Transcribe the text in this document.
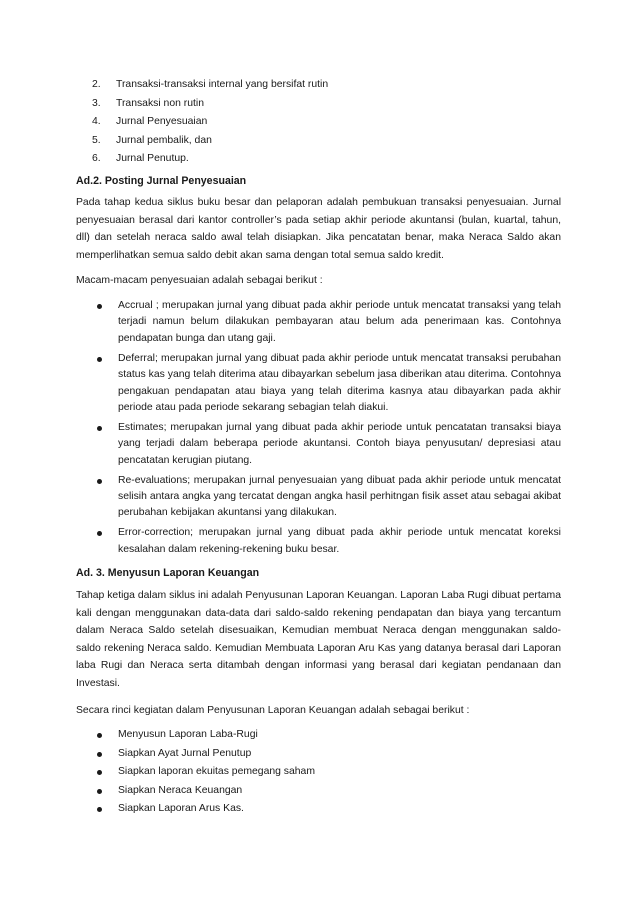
2. Transaksi-transaksi internal yang bersifat rutin
3. Transaksi non rutin
4. Jurnal Penyesuaian
5. Jurnal pembalik, dan
6. Jurnal Penutup.
Ad.2. Posting Jurnal Penyesuaian

Pada tahap kedua siklus buku besar dan pelaporan adalah pembukuan transaksi penyesuaian. Jurnal penyesuaian berasal dari kantor controller’s pada setiap akhir periode akuntansi (bulan, kuartal, tahun, dll) dan setelah neraca saldo awal telah disiapkan. Jika pencatatan benar, maka Neraca Saldo akan memperlihatkan semua saldo debit akan sama dengan total semua saldo kredit.

Macam-macam penyesuaian adalah sebagai berikut :

Accrual ; merupakan jurnal yang dibuat pada akhir periode untuk mencatat transaksi yang telah terjadi namun belum dilakukan pembayaran atau belum ada penerimaan kas. Contohnya pendapatan bunga dan utang gaji.
Deferral; merupakan jurnal yang dibuat pada akhir periode untuk mencatat transaksi perubahan status kas yang telah diterima atau dibayarkan sebelum jasa diberikan atau diterima. Contohnya pengakuan pendapatan atau biaya yang telah diterima kasnya atau dibayarkan pada akhir periode atau pada periode sekarang sebagian telah diakui.
Estimates; merupakan jurnal yang dibuat pada akhir periode untuk pencatatan transaksi biaya yang terjadi dalam beberapa periode akuntansi. Contoh biaya penyusutan/ depresiasi atau pencatatan kerugian piutang.
Re-evaluations; merupakan jurnal penyesuaian yang dibuat pada akhir periode untuk mencatat selisih antara angka yang tercatat dengan angka hasil perhitngan fisik asset atau sebagai akibat perubahan kebijakan akuntansi yang dilakukan.
Error-correction; merupakan jurnal yang dibuat pada akhir periode untuk mencatat koreksi kesalahan dalam rekening-rekening buku besar.
Ad. 3. Menyusun Laporan Keuangan

Tahap ketiga dalam siklus ini adalah Penyusunan Laporan Keuangan. Laporan Laba Rugi dibuat pertama kali dengan menggunakan data-data dari saldo-saldo rekening pendapatan dan biaya yang tercantum dalam Neraca Saldo setelah disesuaikan, Kemudian membuat Neraca dengan menggunakan saldo-saldo rekening Neraca saldo. Kemudian Membuata Laporan Aru Kas yang datanya berasal dari Laporan laba Rugi dan Neraca serta ditambah dengan informasi yang berasal dari kegiatan pendanaan dan Investasi.

Secara rinci kegiatan dalam Penyusunan Laporan Keuangan adalah sebagai berikut :

Menyusun Laporan Laba-Rugi
Siapkan Ayat Jurnal Penutup
Siapkan laporan ekuitas pemegang saham
Siapkan Neraca Keuangan
Siapkan Laporan Arus Kas.
